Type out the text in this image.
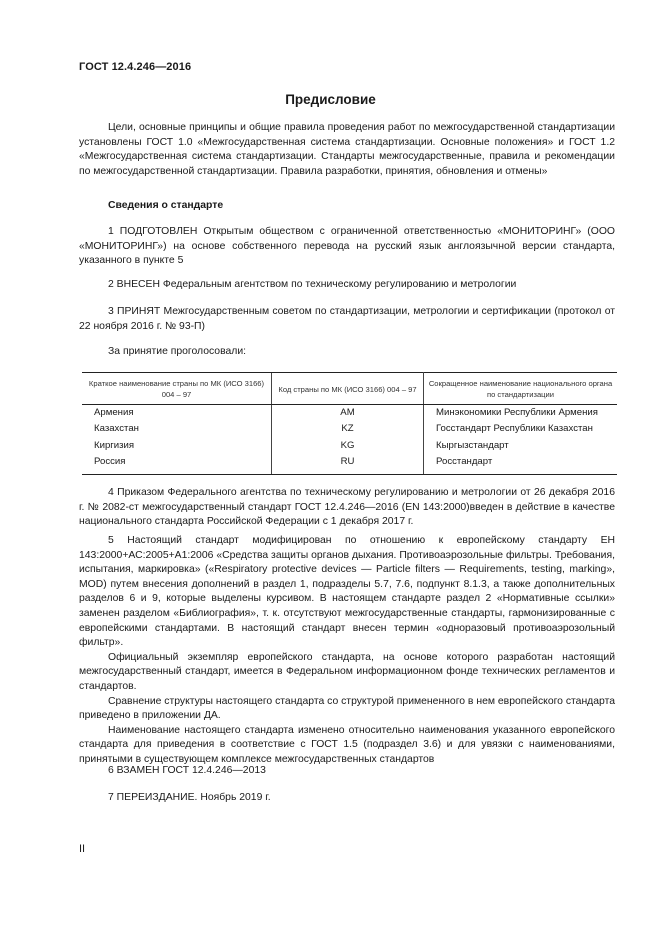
ГОСТ 12.4.246—2016
Предисловие

Цели, основные принципы и общие правила проведения работ по межгосударственной стандартизации установлены ГОСТ 1.0 «Межгосударственная система стандартизации. Основные положения» и ГОСТ 1.2 «Межгосударственная система стандартизации. Стандарты межгосударственные, правила и рекомендации по межгосударственной стандартизации. Правила разработки, принятия, обновления и отмены»

Сведения о стандарте

1 ПОДГОТОВЛЕН Открытым обществом с ограниченной ответственностью «МОНИТОРИНГ» (ООО «МОНИТОРИНГ») на основе собственного перевода на русский язык англоязычной версии стандарта, указанного в пункте 5

2 ВНЕСЕН Федеральным агентством по техническому регулированию и метрологии

3 ПРИНЯТ Межгосударственным советом по стандартизации, метрологии и сертификации (протокол от 22 ноября 2016 г. № 93-П)

За принятие проголосовали:
Краткое наименование страны по МК (ИСО 3166) 004 – 97	Код страны по МК (ИСО 3166) 004 – 97	Сокращенное наименование национального органа по стандартизации
Армения	AM	Минэкономики Республики Армения
Казахстан	KZ	Госстандарт Республики Казахстан
Киргизия	KG	Кыргызстандарт
Россия	RU	Росстандарт

4 Приказом Федерального агентства по техническому регулированию и метрологии от 26 декабря 2016 г. № 2082-ст межгосударственный стандарт ГОСТ 12.4.246—2016 (EN 143:2000)введен в действие в качестве национального стандарта Российской Федерации с 1 декабря 2017 г.

5 Настоящий стандарт модифицирован по отношению к европейскому стандарту ЕН 143:2000+АС:2005+А1:2006 «Средства защиты органов дыхания. Противоаэрозольные фильтры. Требования, испытания, маркировка» («Respiratory protective devices — Particle filters — Requirements, testing, marking», MOD) путем внесения дополнений в раздел 1, подразделы 5.7, 7.6, подпункт 8.1.3, а также дополнительных разделов 6 и 9, которые выделены курсивом. В настоящем стандарте раздел 2 «Нормативные ссылки» заменен разделом «Библиография», т. к. отсутствуют межгосударственные стандарты, гармонизированные с европейскими стандартами. В настоящий стандарт внесен термин «одноразовый противоаэрозольный фильтр».

Официальный экземпляр европейского стандарта, на основе которого разработан настоящий межгосударственный стандарт, имеется в Федеральном информационном фонде технических регламентов и стандартов.

Сравнение структуры настоящего стандарта со структурой примененного в нем европейского стандарта приведено в приложении ДА.

Наименование настоящего стандарта изменено относительно наименования указанного европейского стандарта для приведения в соответствие с ГОСТ 1.5 (подраздел 3.6) и для увязки с наименованиями, принятыми в существующем комплексе межгосударственных стандартов

6 ВЗАМЕН ГОСТ 12.4.246—2013
7 ПЕРЕИЗДАНИЕ. Ноябрь 2019 г.
II
